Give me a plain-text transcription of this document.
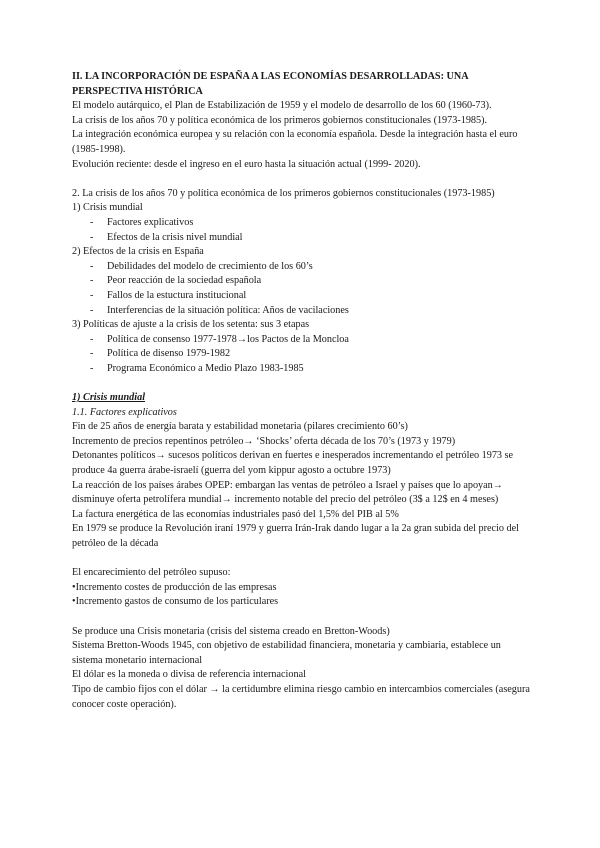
II. LA INCORPORACIÓN DE ESPAÑA A LAS ECONOMÍAS DESARROLLADAS: UNA PERSPECTIVA HISTÓRICA

El modelo autárquico, el Plan de Estabilización de 1959 y el modelo de desarrollo de los 60 (1960-73).

La crisis de los años 70 y política económica de los primeros gobiernos constitucionales (1973-1985).

La integración económica europea y su relación con la economía española. Desde la integración hasta el euro (1985-1998).

Evolución reciente: desde el ingreso en el euro hasta la situación actual (1999- 2020).

2. La crisis de los años 70 y política económica de los primeros gobiernos constitucionales (1973-1985)

1) Crisis mundial

- Factores explicativos
- Efectos de la crisis nivel mundial

2) Efectos de la crisis en España

- Debilidades del modelo de crecimiento de los 60’s
- Peor reacción de la sociedad española
- Fallos de la estuctura institucional
- Interferencias de la situación política: Años de vacilaciones

3) Políticas de ajuste a la crisis de los setenta: sus 3 etapas

- Política de consenso 1977-1978→los Pactos de la Moncloa
- Política de disenso 1979-1982
- Programa Económico a Medio Plazo 1983-1985

1) Crisis mundial

1.1. Factores explicativos

Fin de 25 años de energía barata y estabilidad monetaria (pilares crecimiento 60’s)

Incremento de precios repentinos petróleo→ ‘Shocks’ oferta década de los 70’s (1973 y 1979)

Detonantes políticos→ sucesos políticos derivan en fuertes e inesperados incrementando el petróleo 1973 se produce 4a guerra árabe-israelí (guerra del yom kippur agosto a octubre 1973)

La reacción de los países árabes OPEP: embargan las ventas de petróleo a Israel y países que lo apoyan→ disminuye oferta petrolífera mundial→ incremento notable del precio del petróleo (3$ a 12$ en 4 meses)

La factura energética de las economías industriales pasó del 1,5% del PIB al 5%

En 1979 se produce la Revolución iraní 1979 y guerra Irán-Irak dando lugar a la 2a gran subida del precio del petróleo de la década

El encarecimiento del petróleo supuso:

• Incremento costes de producción de las empresas
• Incremento gastos de consumo de los particulares

Se produce una Crisis monetaria (crisis del sistema creado en Bretton-Woods)

Sistema Bretton-Woods 1945, con objetivo de estabilidad financiera, monetaria y cambiaria, establece un sistema monetario internacional

El dólar es la moneda o divisa de referencia internacional

Tipo de cambio fijos con el dólar → la certidumbre elimina riesgo cambio en intercambios comerciales (asegura conocer coste operación).
